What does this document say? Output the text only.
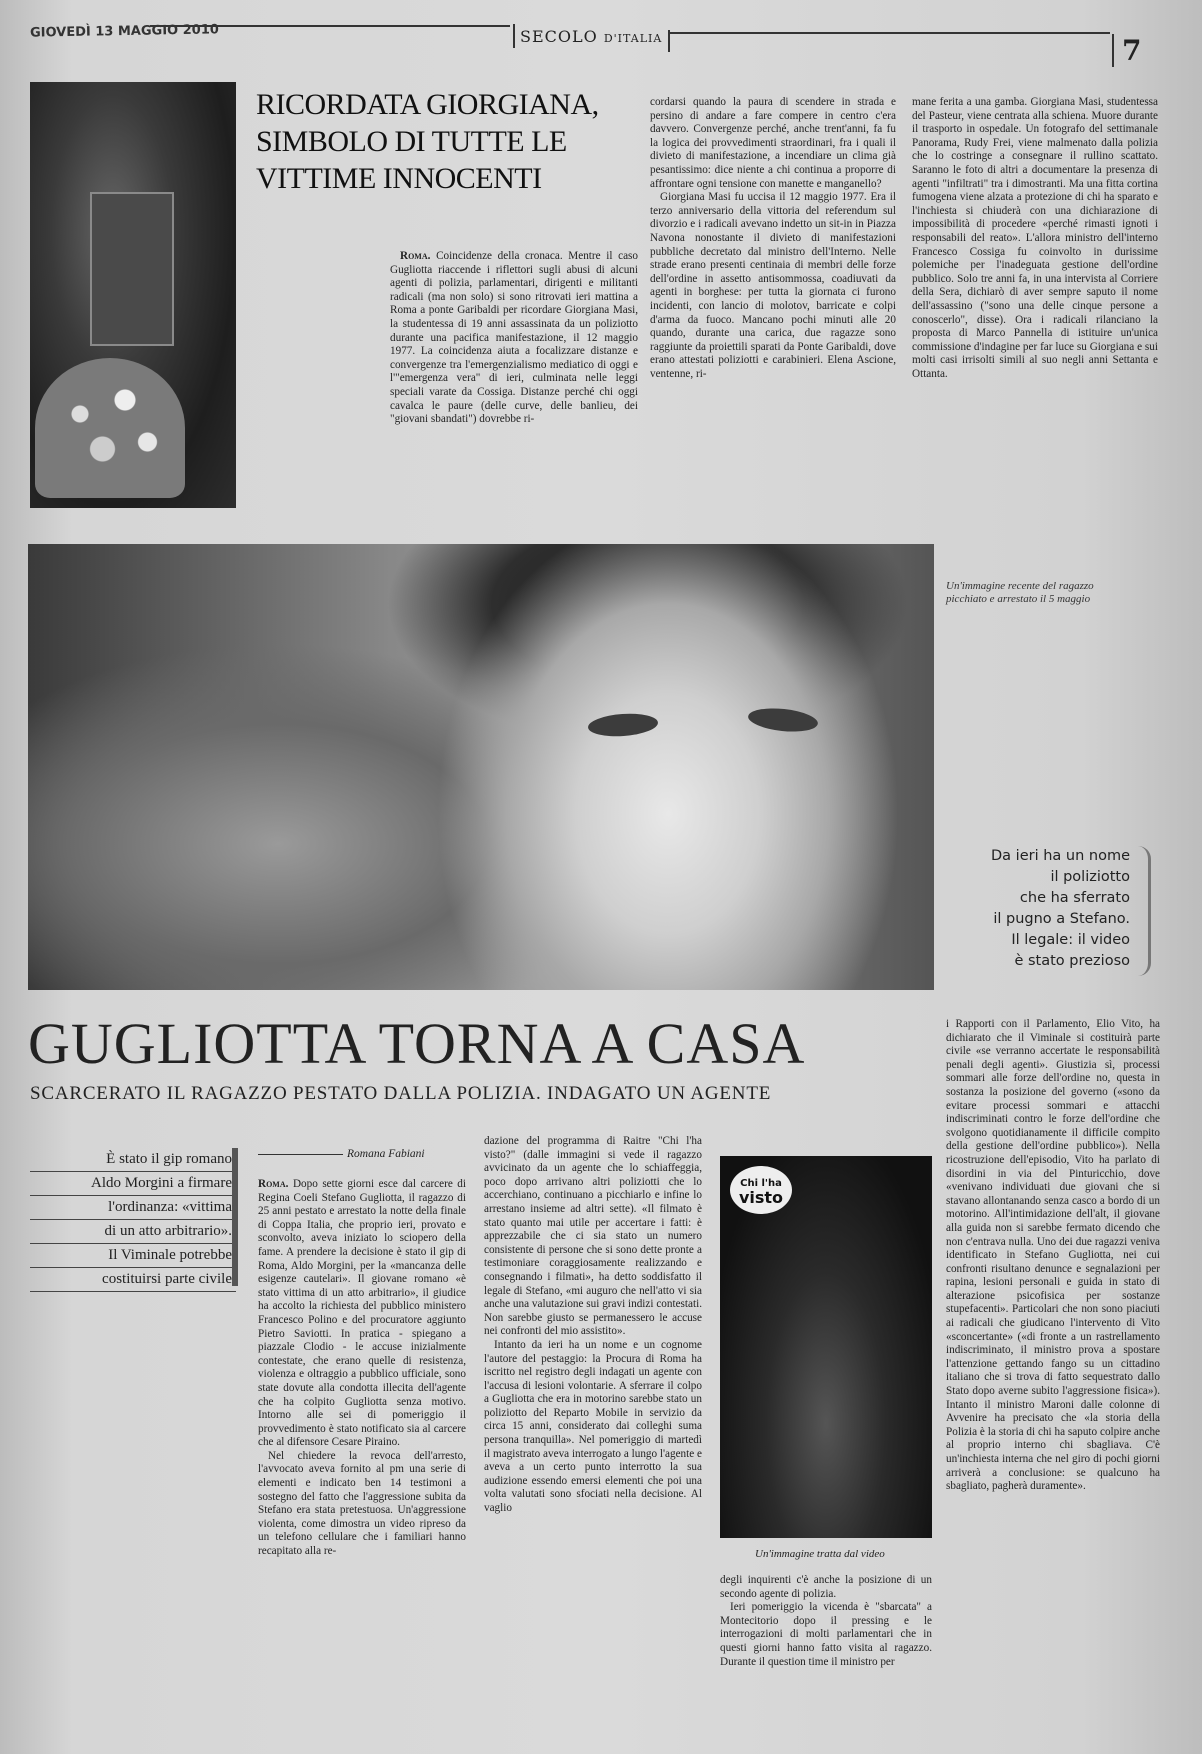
GIOVEDÌ 13 MAGGIO 2010	SECOLO D'ITALIA	7
RICORDATA GIORGIANA, SIMBOLO DI TUTTE LE VITTIME INNOCENTI

Roma. Coincidenze della cronaca. Mentre il caso Gugliotta riaccende i riflettori sugli abusi di alcuni agenti di polizia, parlamentari, dirigenti e militanti radicali (ma non solo) si sono ritrovati ieri mattina a Roma a ponte Garibaldi per ricordare Giorgiana Masi, la studentessa di 19 anni assassinata da un poliziotto durante una pacifica manifestazione, il 12 maggio 1977. La coincidenza aiuta a focalizzare distanze e convergenze tra l'emergenzialismo mediatico di oggi e l'"emergenza vera" di ieri, culminata nelle leggi speciali varate da Cossiga. Distanze perché chi oggi cavalca le paure (delle curve, delle banlieu, dei "giovani sbandati") dovrebbe ri-

cordarsi quando la paura di scendere in strada e persino di andare a fare compere in centro c'era davvero. Convergenze perché, anche trent'anni, fa fu la logica dei provvedimenti straordinari, fra i quali il divieto di manifestazione, a incendiare un clima già pesantissimo: dice niente a chi continua a proporre di affrontare ogni tensione con manette e manganello?

Giorgiana Masi fu uccisa il 12 maggio 1977. Era il terzo anniversario della vittoria del referendum sul divorzio e i radicali avevano indetto un sit-in in Piazza Navona nonostante il divieto di manifestazioni pubbliche decretato dal ministro dell'Interno. Nelle strade erano presenti centinaia di membri delle forze dell'ordine in assetto antisommossa, coadiuvati da agenti in borghese: per tutta la giornata ci furono incidenti, con lancio di molotov, barricate e colpi d'arma da fuoco. Mancano pochi minuti alle 20 quando, durante una carica, due ragazze sono raggiunte da proiettili sparati da Ponte Garibaldi, dove erano attestati poliziotti e carabinieri. Elena Ascione, ventenne, ri-

mane ferita a una gamba. Giorgiana Masi, studentessa del Pasteur, viene centrata alla schiena. Muore durante il trasporto in ospedale. Un fotografo del settimanale Panorama, Rudy Frei, viene malmenato dalla polizia che lo costringe a consegnare il rullino scattato. Saranno le foto di altri a documentare la presenza di agenti "infiltrati" tra i dimostranti. Ma una fitta cortina fumogena viene alzata a protezione di chi ha sparato e l'inchiesta si chiuderà con una dichiarazione di impossibilità di procedere «perché rimasti ignoti i responsabili del reato». L'allora ministro dell'interno Francesco Cossiga fu coinvolto in durissime polemiche per l'inadeguata gestione dell'ordine pubblico. Solo tre anni fa, in una intervista al Corriere della Sera, dichiarò di aver sempre saputo il nome dell'assassino ("sono una delle cinque persone a conoscerlo", disse). Ora i radicali rilanciano la proposta di Marco Pannella di istituire un'unica commissione d'indagine per far luce su Giorgiana e sui molti casi irrisolti simili al suo negli anni Settanta e Ottanta.

Un'immagine recente del ragazzo picchiato e arrestato il 5 maggio
Da ieri ha un nome
il poliziotto
che ha sferrato
il pugno a Stefano.
Il legale: il video
è stato prezioso
GUGLIOTTA TORNA A CASA
SCARCERATO IL RAGAZZO PESTATO DALLA POLIZIA. INDAGATO UN AGENTE
È stato il gip romano
Aldo Morgini a firmare
l'ordinanza: «vittima
di un atto arbitrario».
Il Viminale potrebbe
costituirsi parte civile
Romana Fabiani

Roma. Dopo sette giorni esce dal carcere di Regina Coeli Stefano Gugliotta, il ragazzo di 25 anni pestato e arrestato la notte della finale di Coppa Italia, che proprio ieri, provato e sconvolto, aveva iniziato lo sciopero della fame. A prendere la decisione è stato il gip di Roma, Aldo Morgini, per la «mancanza delle esigenze cautelari». Il giovane romano «è stato vittima di un atto arbitrario», il giudice ha accolto la richiesta del pubblico ministero Francesco Polino e del procuratore aggiunto Pietro Saviotti. In pratica - spiegano a piazzale Clodio - le accuse inizialmente contestate, che erano quelle di resistenza, violenza e oltraggio a pubblico ufficiale, sono state dovute alla condotta illecita dell'agente che ha colpito Gugliotta senza motivo. Intorno alle sei di pomeriggio il provvedimento è stato notificato sia al carcere che al difensore Cesare Piraino.

Nel chiedere la revoca dell'arresto, l'avvocato aveva fornito al pm una serie di elementi e indicato ben 14 testimoni a sostegno del fatto che l'aggressione subita da Stefano era stata pretestuosa. Un'aggressione violenta, come dimostra un video ripreso da un telefono cellulare che i familiari hanno recapitato alla re-

dazione del programma di Raitre "Chi l'ha visto?" (dalle immagini si vede il ragazzo avvicinato da un agente che lo schiaffeggia, poco dopo arrivano altri poliziotti che lo accerchiano, continuano a picchiarlo e infine lo arrestano insieme ad altri sette). «Il filmato è stato quanto mai utile per accertare i fatti: è apprezzabile che ci sia stato un numero consistente di persone che si sono dette pronte a testimoniare coraggiosamente realizzando e consegnando i filmati», ha detto soddisfatto il legale di Stefano, «mi auguro che nell'atto vi sia anche una valutazione sui gravi indizi contestati. Non sarebbe giusto se permanessero le accuse nei confronti del mio assistito».

Intanto da ieri ha un nome e un cognome l'autore del pestaggio: la Procura di Roma ha iscritto nel registro degli indagati un agente con l'accusa di lesioni volontarie. A sferrare il colpo a Gugliotta che era in motorino sarebbe stato un poliziotto del Reparto Mobile in servizio da circa 15 anni, considerato dai colleghi suma persona tranquilla». Nel pomeriggio di martedì il magistrato aveva interrogato a lungo l'agente e aveva a un certo punto interrotto la sua audizione essendo emersi elementi che poi una volta valutati sono sfociati nella decisione. Al vaglio

Chi l'ha
visto
Un'immagine tratta dal video

degli inquirenti c'è anche la posizione di un secondo agente di polizia.

Ieri pomeriggio la vicenda è "sbarcata" a Montecitorio dopo il pressing e le interrogazioni di molti parlamentari che in questi giorni hanno fatto visita al ragazzo. Durante il question time il ministro per

i Rapporti con il Parlamento, Elio Vito, ha dichiarato che il Viminale si costituirà parte civile «se verranno accertate le responsabilità penali degli agenti». Giustizia sì, processi sommari alle forze dell'ordine no, questa in sostanza la posizione del governo («sono da evitare processi sommari e attacchi indiscriminati contro le forze dell'ordine che svolgono quotidianamente il difficile compito della gestione dell'ordine pubblico»). Nella ricostruzione dell'episodio, Vito ha parlato di disordini in via del Pinturicchio, dove «venivano individuati due giovani che si stavano allontanando senza casco a bordo di un motorino. All'intimidazione dell'alt, il giovane alla guida non si sarebbe fermato dicendo che non c'entrava nulla. Uno dei due ragazzi veniva identificato in Stefano Gugliotta, nei cui confronti risultano denunce e segnalazioni per rapina, lesioni personali e guida in stato di alterazione psicofisica per sostanze stupefacenti». Particolari che non sono piaciuti ai radicali che giudicano l'intervento di Vito «sconcertante» («di fronte a un rastrellamento indiscriminato, il ministro prova a spostare l'attenzione gettando fango su un cittadino italiano che si trova di fatto sequestrato dallo Stato dopo averne subito l'aggressione fisica»). Intanto il ministro Maroni dalle colonne di Avvenire ha precisato che «la storia della Polizia è la storia di chi ha saputo colpire anche al proprio interno chi sbagliava. C'è un'inchiesta interna che nel giro di pochi giorni arriverà a conclusione: se qualcuno ha sbagliato, pagherà duramente».
